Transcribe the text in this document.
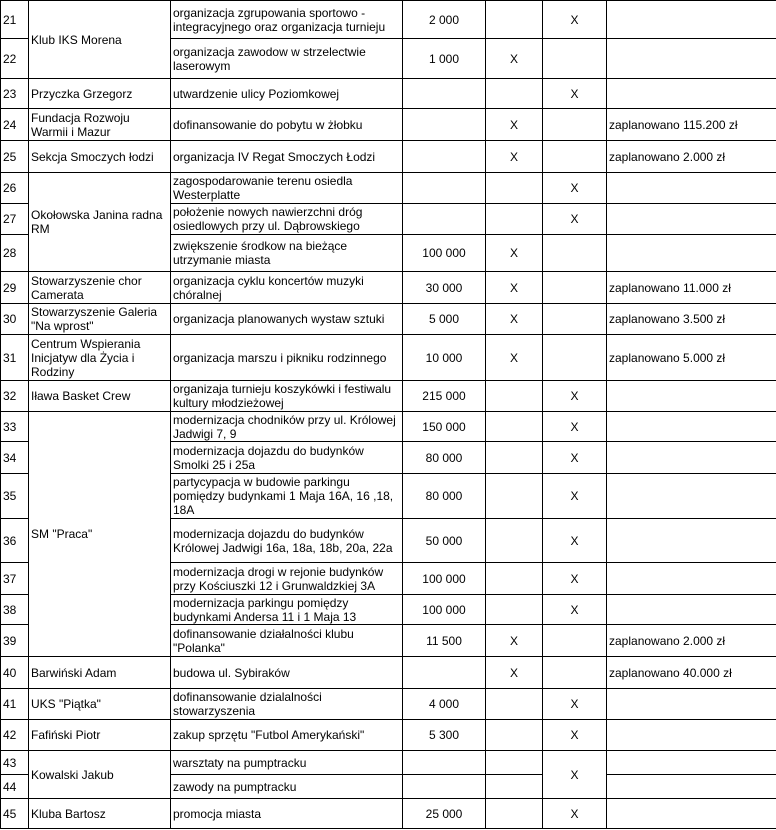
21	Klub IKS Morena	organizacja zgrupowania sportowo - integracyjnego oraz organizacja turnieju	2 000		X	
22		organizacja zawodow w strzelectwie laserowym	1 000	X		
23	Przyczka Grzegorz	utwardzenie ulicy Poziomkowej			X	
24	Fundacja Rozwoju Warmii i Mazur	dofinansowanie do pobytu w żłobku		X		zaplanowano 115.200 zł
25	Sekcja Smoczych łodzi	organizacja IV Regat Smoczych Łodzi		X		zaplanowano 2.000 zł
26	Okołowska Janina radna RM	zagospodarowanie terenu osiedla Westerplatte			X	
27		położenie nowych nawierzchni dróg osiedlowych przy ul. Dąbrowskiego			X	
28		zwiększenie środkow na bieżące utrzymanie miasta	100 000	X		
29	Stowarzyszenie chor Camerata	organizacja cyklu koncertów muzyki chóralnej	30 000	X		zaplanowano 11.000 zł
30	Stowarzyszenie Galeria "Na wprost"	organizacja planowanych wystaw sztuki	5 000	X		zaplanowano 3.500 zł
31	Centrum Wspierania Inicjatyw dla Życia i Rodziny	organizacja marszu i pikniku rodzinnego	10 000	X		zaplanowano 5.000 zł
32	Iława Basket Crew	organizaja turnieju koszykówki i festiwalu kultury młodzieżowej	215 000		X	
33	SM "Praca"	modernizacja chodników przy ul. Królowej Jadwigi 7, 9	150 000		X	
34		modernizacja dojazdu do budynków Smolki 25 i 25a	80 000		X	
35		partycypacja w budowie parkingu pomiędzy budynkami 1 Maja 16A, 16 ,18, 18A	80 000		X	
36		modernizacja dojazdu do budynków Królowej Jadwigi 16a, 18a, 18b, 20a, 22a	50 000		X	
37		modernizacja drogi w rejonie budynków przy Kościuszki 12 i Grunwaldzkiej 3A	100 000		X	
38		modernizacja parkingu pomiędzy budynkami Andersa 11 i 1 Maja 13	100 000		X	
39		dofinansowanie działalności klubu "Polanka"	11 500	X		zaplanowano 2.000 zł
40	Barwiński Adam	budowa ul. Sybiraków		X		zaplanowano 40.000 zł
41	UKS "Piątka"	dofinansowanie dzialalności stowarzyszenia	4 000		X	
42	Fafiński Piotr	zakup sprzętu "Futbol Amerykański"	5 300		X	
43	Kowalski Jakub	warsztaty na pumptracku			X	
44		zawody na pumptracku				
45	Kluba Bartosz	promocja miasta	25 000		X	
